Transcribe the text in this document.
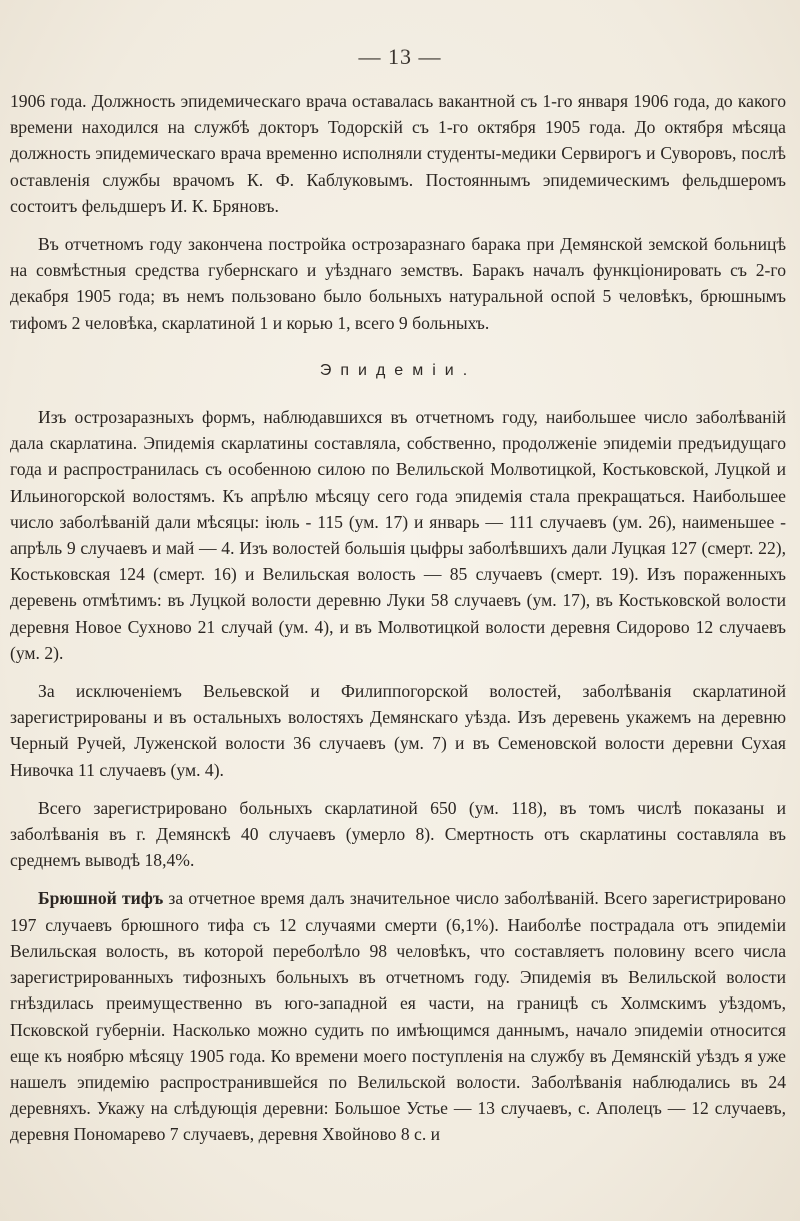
— 13 —

1906 года. Должность эпидемическаго врача оставалась вакантной съ 1-го января 1906 года, до какого времени находился на службѣ докторъ Тодорскій съ 1-го октября 1905 года. До октября мѣсяца должность эпидемическаго врача временно исполняли студенты-медики Сервирогъ и Суворовъ, послѣ оставленія службы врачомъ К. Ф. Каблуковымъ. Постояннымъ эпидемическимъ фельдшеромъ состоитъ фельдшеръ И. К. Бряновъ.

Въ отчетномъ году закончена постройка острозаразнаго барака при Демянской земской больницѣ на совмѣстныя средства губернскаго и уѣзднаго земствъ. Баракъ началъ функціонировать съ 2-го декабря 1905 года; въ немъ пользовано было больныхъ натуральной оспой 5 человѣкъ, брюшнымъ тифомъ 2 человѣка, скарлатиной 1 и корью 1, всего 9 больныхъ.

Эпидеміи.

Изъ острозаразныхъ формъ, наблюдавшихся въ отчетномъ году, наибольшее число заболѣваній дала скарлатина. Эпидемія скарлатины составляла, собственно, продолженіе эпидеміи предъидущаго года и распространилась съ особенною силою по Велильской Молвотицкой, Костьковской, Луцкой и Ильиногорской волостямъ. Къ апрѣлю мѣсяцу сего года эпидемія стала прекращаться. Наибольшее число заболѣваній дали мѣсяцы: іюль - 115 (ум. 17) и январь — 111 случаевъ (ум. 26), наименьшее - апрѣль 9 случаевъ и май — 4. Изъ волостей большія цыфры заболѣвшихъ дали Луцкая 127 (смерт. 22), Костьковская 124 (смерт. 16) и Велильская волость — 85 случаевъ (смерт. 19). Изъ пораженныхъ деревень отмѣтимъ: въ Луцкой волости деревню Луки 58 случаевъ (ум. 17), въ Костьковской волости деревня Новое Сухново 21 случай (ум. 4), и въ Молвотицкой волости деревня Сидорово 12 случаевъ (ум. 2).

За исключеніемъ Вельевской и Филиппогорской волостей, заболѣванія скарлатиной зарегистрированы и въ остальныхъ волостяхъ Демянскаго уѣзда. Изъ деревень укажемъ на деревню Черный Ручей, Луженской волости 36 случаевъ (ум. 7) и въ Семеновской волости деревни Сухая Нивочка 11 случаевъ (ум. 4).

Всего зарегистрировано больныхъ скарлатиной 650 (ум. 118), въ томъ числѣ показаны и заболѣванія въ г. Демянскѣ 40 случаевъ (умерло 8). Смертность отъ скарлатины составляла въ среднемъ выводѣ 18,4%.

Брюшной тифъ за отчетное время далъ значительное число заболѣваній. Всего зарегистрировано 197 случаевъ брюшного тифа съ 12 случаями смерти (6,1%). Наиболѣе пострадала отъ эпидеміи Велильская волость, въ которой переболѣло 98 человѣкъ, что составляетъ половину всего числа зарегистрированныхъ тифозныхъ больныхъ въ отчетномъ году. Эпидемія въ Велильской волости гнѣздилась преимущественно въ юго-западной ея части, на границѣ съ Холмскимъ уѣздомъ, Псковской губерніи. Насколько можно судить по имѣющимся даннымъ, начало эпидеміи относится еще къ ноябрю мѣсяцу 1905 года. Ко времени моего поступленія на службу въ Демянскій уѣздъ я уже нашелъ эпидемію распространившейся по Велильской волости. Заболѣванія наблюдались въ 24 деревняхъ. Укажу на слѣдующія деревни: Большое Устье — 13 случаевъ, с. Аполецъ — 12 случаевъ, деревня Пономарево 7 случаевъ, деревня Хвойново 8 с. и
